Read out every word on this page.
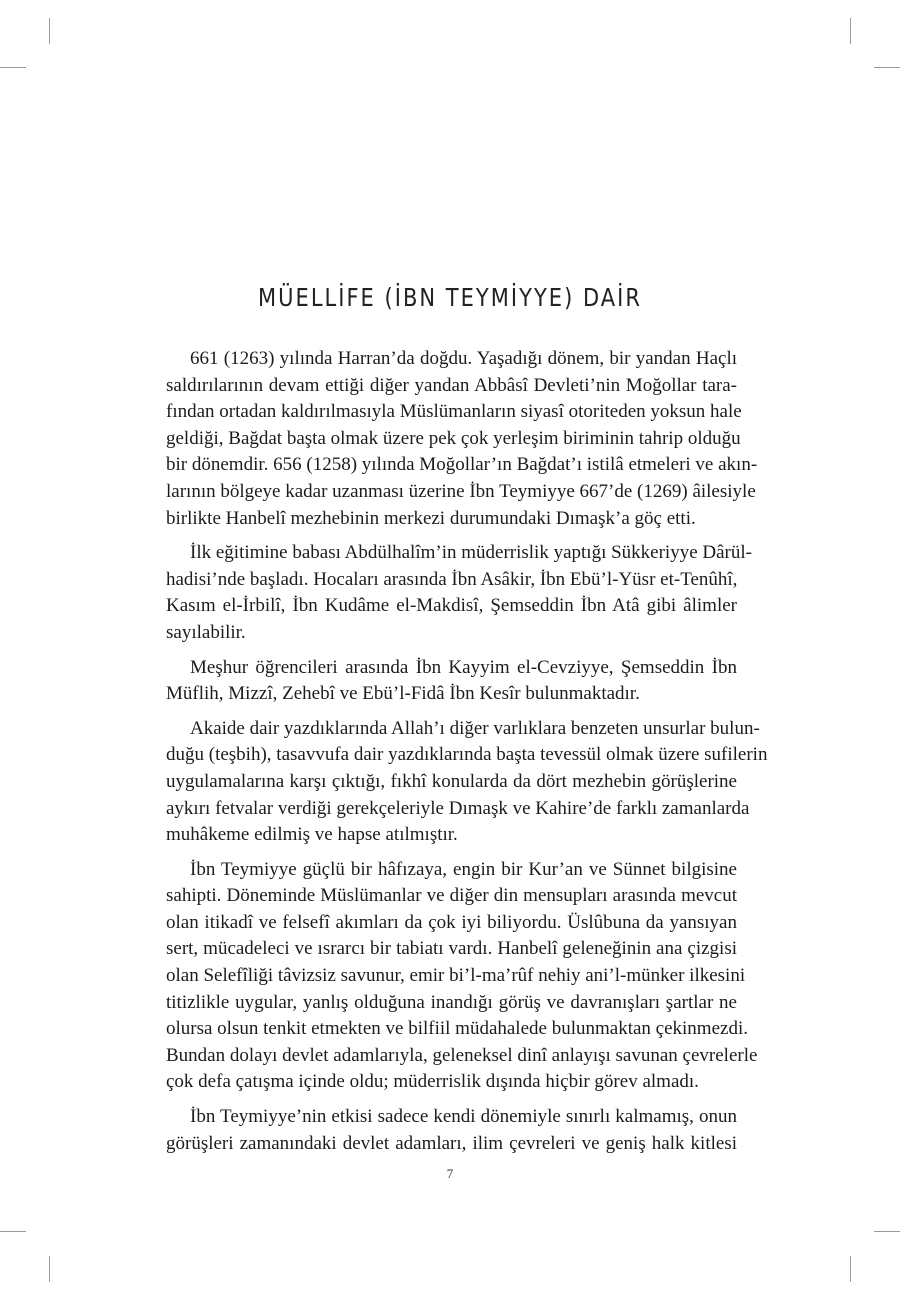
MÜELLİFE (İBN TEYMİYYE) DAİR
661 (1263) yılında Harran’da doğdu. Yaşadığı dönem, bir yandan Haçlı
saldırılarının devam ettiği diğer yandan Abbâsî Devleti’nin Moğollar tara-
fından ortadan kaldırılmasıyla Müslümanların siyasî otoriteden yoksun hale
geldiği, Bağdat başta olmak üzere pek çok yerleşim biriminin tahrip olduğu
bir dönemdir. 656 (1258) yılında Moğollar’ın Bağdat’ı istilâ etmeleri ve akın-
larının bölgeye kadar uzanması üzerine İbn Teymiyye 667’de (1269) âilesiyle
birlikte Hanbelî mezhebinin merkezi durumundaki Dımaşk’a göç etti.
İlk eğitimine babası Abdülhalîm’in müderrislik yaptığı Sükkeriyye Dârül-
hadisi’nde başladı. Hocaları arasında İbn Asâkir, İbn Ebü’l-Yüsr et-Tenûhî,
Kasım el-İrbilî, İbn Kudâme el-Makdisî, Şemseddin İbn Atâ gibi âlimler
sayılabilir.
Meşhur öğrencileri arasında İbn Kayyim el-Cevziyye, Şemseddin İbn
Müflih, Mizzî, Zehebî ve Ebü’l-Fidâ İbn Kesîr bulunmaktadır.
Akaide dair yazdıklarında Allah’ı diğer varlıklara benzeten unsurlar bulun-
duğu (teşbih), tasavvufa dair yazdıklarında başta tevessül olmak üzere sufilerin
uygulamalarına karşı çıktığı, fıkhî konularda da dört mezhebin görüşlerine
aykırı fetvalar verdiği gerekçeleriyle Dımaşk ve Kahire’de farklı zamanlarda
muhâkeme edilmiş ve hapse atılmıştır.
İbn Teymiyye güçlü bir hâfızaya, engin bir Kur’an ve Sünnet bilgisine
sahipti. Döneminde Müslümanlar ve diğer din mensupları arasında mevcut
olan itikadî ve felsefî akımları da çok iyi biliyordu. Üslûbuna da yansıyan
sert, mücadeleci ve ısrarcı bir tabiatı vardı. Hanbelî geleneğinin ana çizgisi
olan Selefîliği tâvizsiz savunur, emir bi’l-ma’rûf nehiy ani’l-münker ilkesini
titizlikle uygular, yanlış olduğuna inandığı görüş ve davranışları şartlar ne
olursa olsun tenkit etmekten ve bilfiil müdahalede bulunmaktan çekinmezdi.
Bundan dolayı devlet adamlarıyla, geleneksel dinî anlayışı savunan çevrelerle
çok defa çatışma içinde oldu; müderrislik dışında hiçbir görev almadı.
İbn Teymiyye’nin etkisi sadece kendi dönemiyle sınırlı kalmamış, onun
görüşleri zamanındaki devlet adamları, ilim çevreleri ve geniş halk kitlesi
7
